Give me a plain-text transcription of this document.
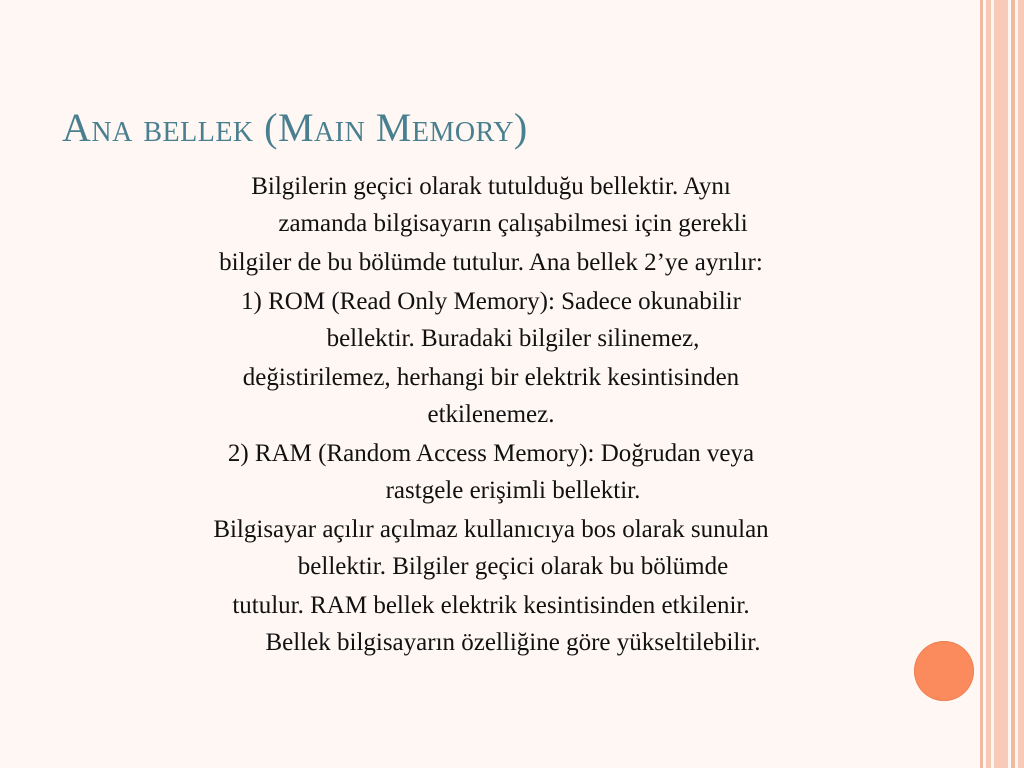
Ana bellek (Main Memory)

Bilgilerin geçici olarak tutulduğu bellektir. Aynı
zamanda bilgisayarın çalışabilmesi için gerekli

bilgiler de bu bölümde tutulur. Ana bellek 2’ye ayrılır:

1) ROM (Read Only Memory): Sadece okunabilir
bellektir. Buradaki bilgiler silinemez,

değistirilemez, herhangi bir elektrik kesintisinden
etkilenemez.

2) RAM (Random Access Memory): Doğrudan veya
rastgele erişimli bellektir.

Bilgisayar açılır açılmaz kullanıcıya bos olarak sunulan
bellektir. Bilgiler geçici olarak bu bölümde

tutulur. RAM bellek elektrik kesintisinden etkilenir.
Bellek bilgisayarın özelliğine göre yükseltilebilir.
